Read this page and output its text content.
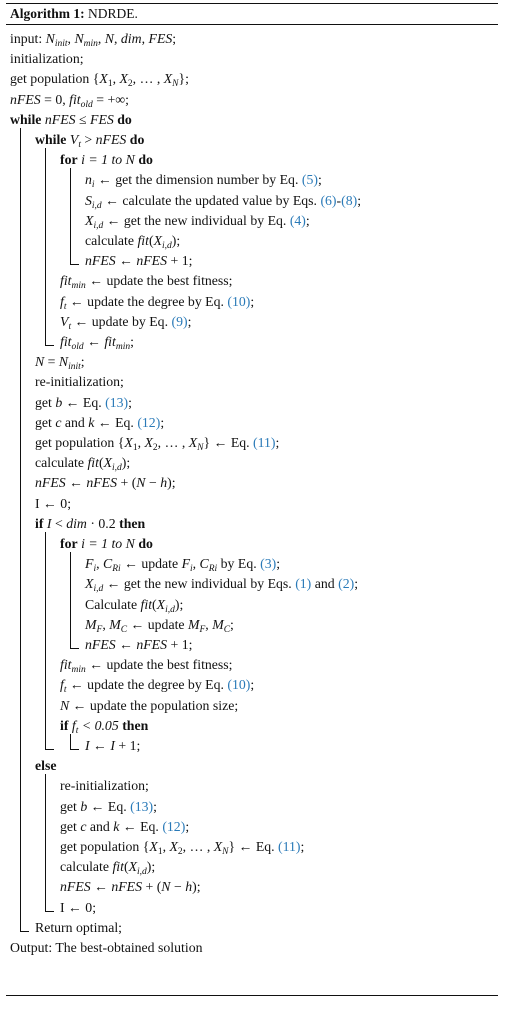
Algorithm 1: NDRDE.
input: $N_{init}$, $N_{min}$, N, dim, FES;
initialization;
get population {$X_1$, $X_2$, … , $X_N$};
nFES = 0, fit$_{old}$ = +∞;
while nFES ≤ FES do
while $V_t$ > nFES do
for i = 1 to N do
$n_i$ ← get the dimension number by Eq. (5);
$S_{i,d}$ ← calculate the updated value by Eqs. (6)-(8);
$X_{i,d}$ ← get the new individual by Eq. (4);
calculate $fit(X_{i,d})$;
nFES ← nFES + 1;
fit$_{min}$ ← update the best fitness;
$f_t$ ← update the degree by Eq. (10);
$V_t$ ← update by Eq. (9);
fit$_{old}$ ← fit$_{min}$;
$N = N_{init}$;
re-initialization;
get b ← Eq. (13);
get c and k ← Eq. (12);
get population {$X_1$, $X_2$, … , $X_N$} ← Eq. (11);
calculate $fit(X_{i,d})$;
nFES ← nFES + (N − h);
I ← 0;
if I < dim · 0.2 then
for i = 1 to N do
$F_i$, $C_{Ri}$ ← update $F_i$, $C_{Ri}$ by Eq. (3);
$X_{i,d}$ ← get the new individual by Eqs. (1) and (2);
Calculate $fit(X_{i,d})$;
$M_F$, $M_C$ ← update $M_F$, $M_C$;
nFES ← nFES + 1;
fit$_{min}$ ← update the best fitness;
$f_t$ ← update the degree by Eq. (10);
N ← update the population size;
if $f_t < 0.05$ then
I ← I + 1;
else
re-initialization;
get b ← Eq. (13);
get c and k ← Eq. (12);
get population {$X_1$, $X_2$, … , $X_N$} ← Eq. (11);
calculate $fit(X_{i,d})$;
nFES ← nFES + (N − h);
I ← 0;
Return optimal;
Output: The best-obtained solution
